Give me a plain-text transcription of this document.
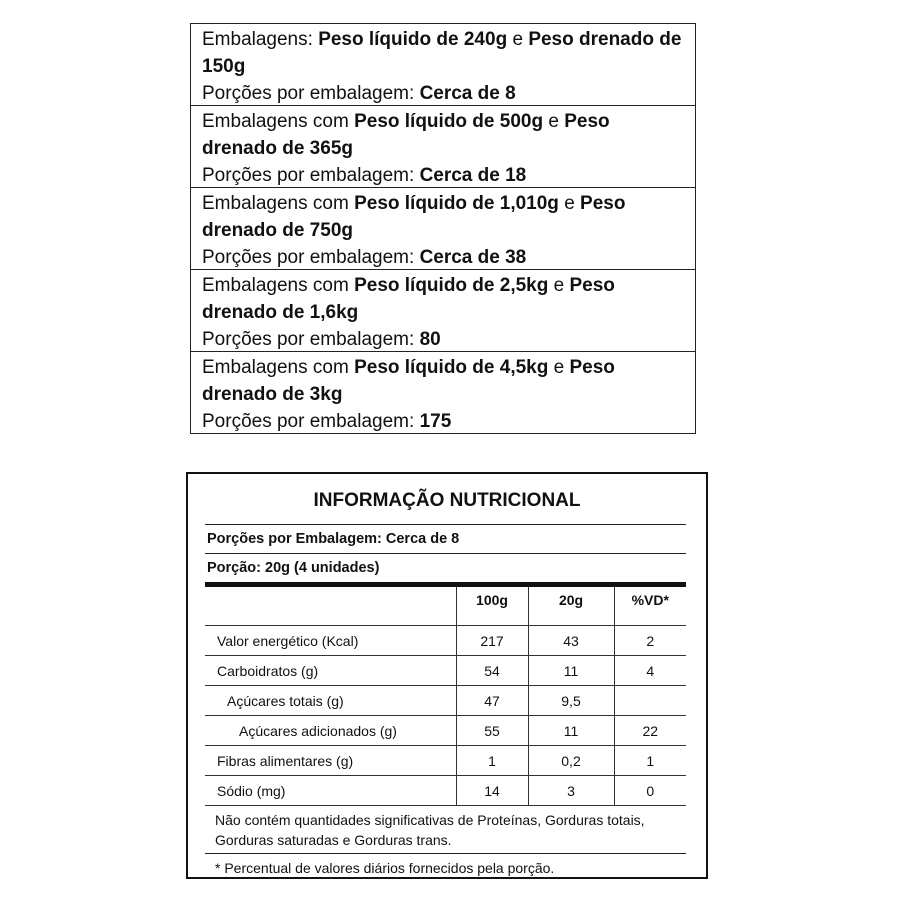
Embalagens: Peso líquido de 240g e Peso drenado de 150g
Porções por embalagem: Cerca de 8
Embalagens com Peso líquido de 500g e Peso drenado de 365g
Porções por embalagem: Cerca de 18
Embalagens com Peso líquido de 1,010g e Peso drenado de 750g
Porções por embalagem: Cerca de 38
Embalagens com Peso líquido de 2,5kg e Peso drenado de 1,6kg
Porções por embalagem: 80
Embalagens com Peso líquido de 4,5kg e Peso drenado de 3kg
Porções por embalagem: 175
INFORMAÇÃO NUTRICIONAL
Porções por Embalagem: Cerca de 8
Porção: 20g (4 unidades)
	100g	20g	%VD*
Valor energético (Kcal)	217	43	2
Carboidratos (g)	54	11	4
Açúcares totais (g)	47	9,5	
Açúcares adicionados (g)	55	11	22
Fibras alimentares (g)	1	0,2	1
Sódio (mg)	14	3	0
Não contém quantidades significativas de Proteínas, Gorduras totais, Gorduras saturadas e Gorduras trans.
* Percentual de valores diários fornecidos pela porção.
